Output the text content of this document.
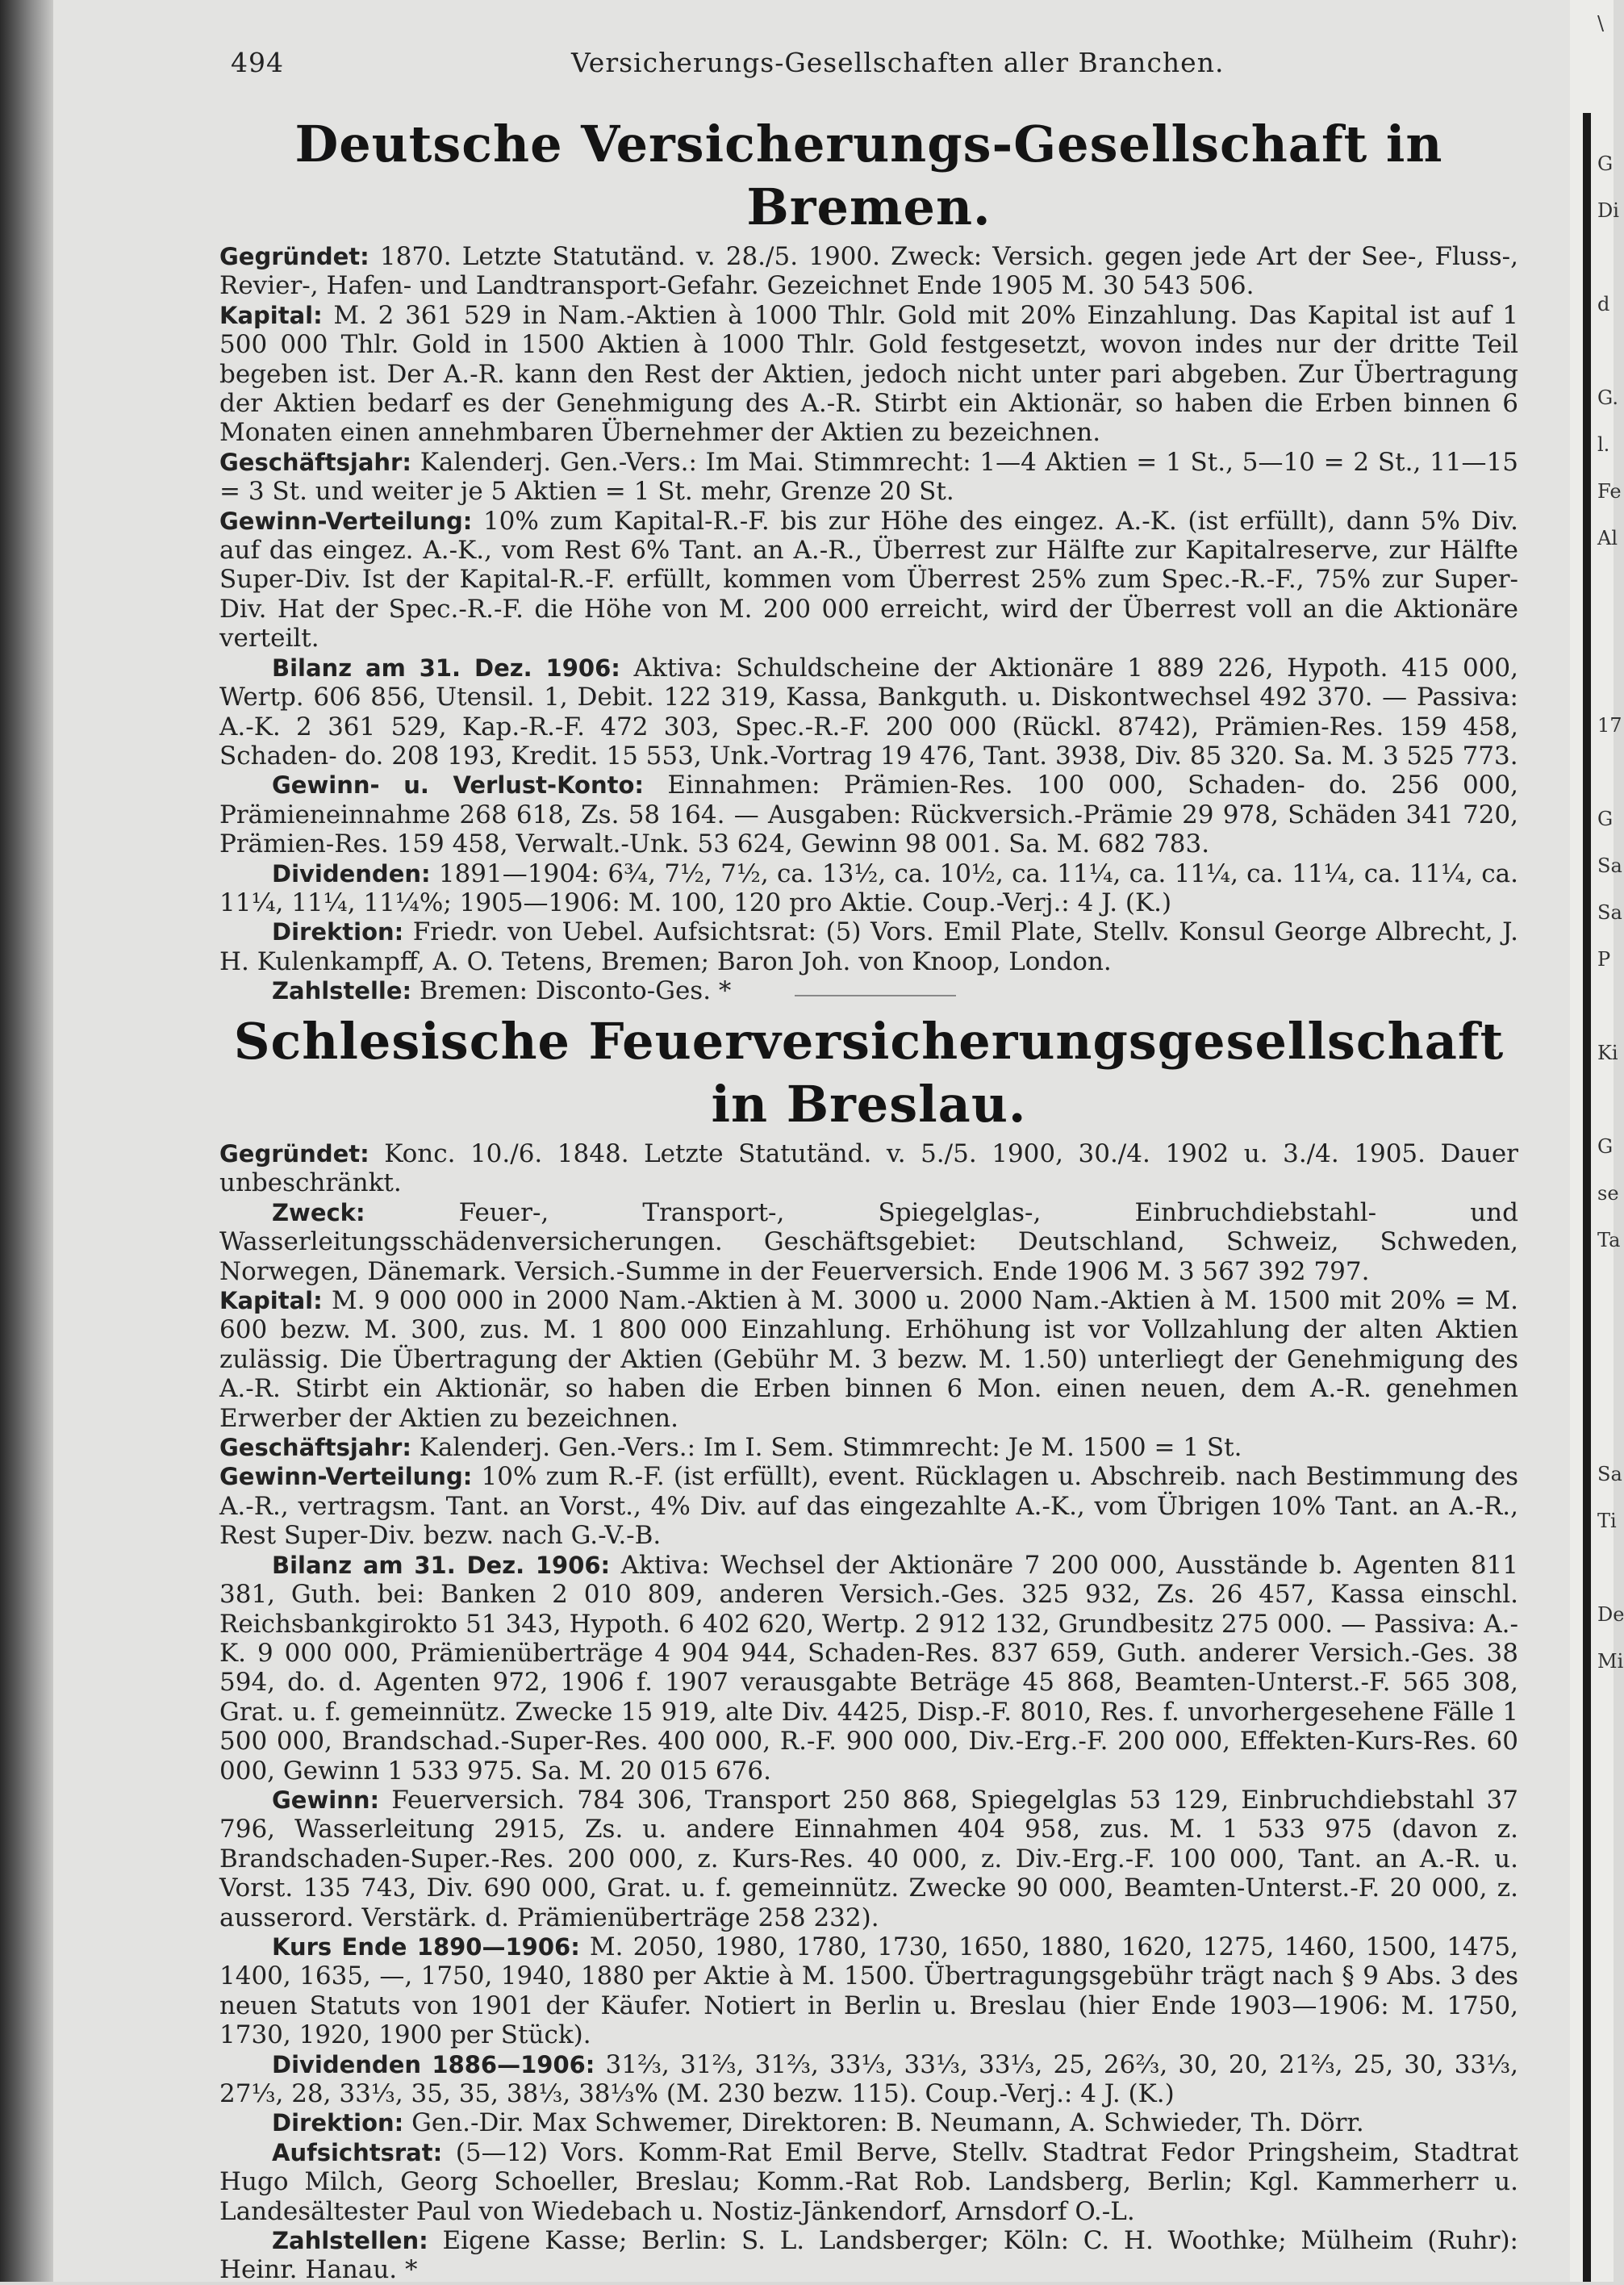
\

G
Di

d

G.
l.
Fe
Al

17

G
Sa
Sa
P

Ki

G
se
Ta

Sa
Ti

De
Mi

494	Versicherungs-Gesellschaften aller Branchen.
Deutsche Versicherungs-Gesellschaft in Bremen.

Gegründet: 1870. Letzte Statutänd. v. 28./5. 1900. Zweck: Versich. gegen jede Art der See-, Fluss-, Revier-, Hafen- und Landtransport-Gefahr. Gezeichnet Ende 1905 M. 30 543 506.

Kapital: M. 2 361 529 in Nam.-Aktien à 1000 Thlr. Gold mit 20% Einzahlung. Das Kapital ist auf 1 500 000 Thlr. Gold in 1500 Aktien à 1000 Thlr. Gold festgesetzt, wovon indes nur der dritte Teil begeben ist. Der A.-R. kann den Rest der Aktien, jedoch nicht unter pari abgeben. Zur Übertragung der Aktien bedarf es der Genehmigung des A.-R. Stirbt ein Aktionär, so haben die Erben binnen 6 Monaten einen annehmbaren Übernehmer der Aktien zu bezeichnen.

Geschäftsjahr: Kalenderj. Gen.-Vers.: Im Mai. Stimmrecht: 1—4 Aktien = 1 St., 5—10 = 2 St., 11—15 = 3 St. und weiter je 5 Aktien = 1 St. mehr, Grenze 20 St.

Gewinn-Verteilung: 10% zum Kapital-R.-F. bis zur Höhe des eingez. A.-K. (ist erfüllt), dann 5% Div. auf das eingez. A.-K., vom Rest 6% Tant. an A.-R., Überrest zur Hälfte zur Kapitalreserve, zur Hälfte Super-Div. Ist der Kapital-R.-F. erfüllt, kommen vom Überrest 25% zum Spec.-R.-F., 75% zur Super-Div. Hat der Spec.-R.-F. die Höhe von M. 200 000 erreicht, wird der Überrest voll an die Aktionäre verteilt.

Bilanz am 31. Dez. 1906: Aktiva: Schuldscheine der Aktionäre 1 889 226, Hypoth. 415 000, Wertp. 606 856, Utensil. 1, Debit. 122 319, Kassa, Bankguth. u. Diskontwechsel 492 370. — Passiva: A.-K. 2 361 529, Kap.-R.-F. 472 303, Spec.-R.-F. 200 000 (Rückl. 8742), Prämien-Res. 159 458, Schaden- do. 208 193, Kredit. 15 553, Unk.-Vortrag 19 476, Tant. 3938, Div. 85 320. Sa. M. 3 525 773.

Gewinn- u. Verlust-Konto: Einnahmen: Prämien-Res. 100 000, Schaden- do. 256 000, Prämieneinnahme 268 618, Zs. 58 164. — Ausgaben: Rückversich.-Prämie 29 978, Schäden 341 720, Prämien-Res. 159 458, Verwalt.-Unk. 53 624, Gewinn 98 001. Sa. M. 682 783.

Dividenden: 1891—1904: 6¾, 7½, 7½, ca. 13½, ca. 10½, ca. 11¼, ca. 11¼, ca. 11¼, ca. 11¼, ca. 11¼, 11¼, 11¼%; 1905—1906: M. 100, 120 pro Aktie. Coup.-Verj.: 4 J. (K.)

Direktion: Friedr. von Uebel. Aufsichtsrat: (5) Vors. Emil Plate, Stellv. Konsul George Albrecht, J. H. Kulenkampff, A. O. Tetens, Bremen; Baron Joh. von Knoop, London.

Zahlstelle: Bremen: Disconto-Ges. *

Schlesische Feuerversicherungsgesellschaft in Breslau.

Gegründet: Konc. 10./6. 1848. Letzte Statutänd. v. 5./5. 1900, 30./4. 1902 u. 3./4. 1905. Dauer unbeschränkt.

Zweck: Feuer-, Transport-, Spiegelglas-, Einbruchdiebstahl- und Wasserleitungsschädenversicherungen. Geschäftsgebiet: Deutschland, Schweiz, Schweden, Norwegen, Dänemark. Versich.-Summe in der Feuerversich. Ende 1906 M. 3 567 392 797.

Kapital: M. 9 000 000 in 2000 Nam.-Aktien à M. 3000 u. 2000 Nam.-Aktien à M. 1500 mit 20% = M. 600 bezw. M. 300, zus. M. 1 800 000 Einzahlung. Erhöhung ist vor Vollzahlung der alten Aktien zulässig. Die Übertragung der Aktien (Gebühr M. 3 bezw. M. 1.50) unterliegt der Genehmigung des A.-R. Stirbt ein Aktionär, so haben die Erben binnen 6 Mon. einen neuen, dem A.-R. genehmen Erwerber der Aktien zu bezeichnen.

Geschäftsjahr: Kalenderj. Gen.-Vers.: Im I. Sem. Stimmrecht: Je M. 1500 = 1 St.

Gewinn-Verteilung: 10% zum R.-F. (ist erfüllt), event. Rücklagen u. Abschreib. nach Bestimmung des A.-R., vertragsm. Tant. an Vorst., 4% Div. auf das eingezahlte A.-K., vom Übrigen 10% Tant. an A.-R., Rest Super-Div. bezw. nach G.-V.-B.

Bilanz am 31. Dez. 1906: Aktiva: Wechsel der Aktionäre 7 200 000, Ausstände b. Agenten 811 381, Guth. bei: Banken 2 010 809, anderen Versich.-Ges. 325 932, Zs. 26 457, Kassa einschl. Reichsbankgirokto 51 343, Hypoth. 6 402 620, Wertp. 2 912 132, Grundbesitz 275 000. — Passiva: A.-K. 9 000 000, Prämienüberträge 4 904 944, Schaden-Res. 837 659, Guth. anderer Versich.-Ges. 38 594, do. d. Agenten 972, 1906 f. 1907 verausgabte Beträge 45 868, Beamten-Unterst.-F. 565 308, Grat. u. f. gemeinnütz. Zwecke 15 919, alte Div. 4425, Disp.-F. 8010, Res. f. unvorhergesehene Fälle 1 500 000, Brandschad.-Super-Res. 400 000, R.-F. 900 000, Div.-Erg.-F. 200 000, Effekten-Kurs-Res. 60 000, Gewinn 1 533 975. Sa. M. 20 015 676.

Gewinn: Feuerversich. 784 306, Transport 250 868, Spiegelglas 53 129, Einbruchdiebstahl 37 796, Wasserleitung 2915, Zs. u. andere Einnahmen 404 958, zus. M. 1 533 975 (davon z. Brandschaden-Super.-Res. 200 000, z. Kurs-Res. 40 000, z. Div.-Erg.-F. 100 000, Tant. an A.-R. u. Vorst. 135 743, Div. 690 000, Grat. u. f. gemeinnütz. Zwecke 90 000, Beamten-Unterst.-F. 20 000, z. ausserord. Verstärk. d. Prämienüberträge 258 232).

Kurs Ende 1890—1906: M. 2050, 1980, 1780, 1730, 1650, 1880, 1620, 1275, 1460, 1500, 1475, 1400, 1635, —, 1750, 1940, 1880 per Aktie à M. 1500. Übertragungsgebühr trägt nach § 9 Abs. 3 des neuen Statuts von 1901 der Käufer. Notiert in Berlin u. Breslau (hier Ende 1903—1906: M. 1750, 1730, 1920, 1900 per Stück).

Dividenden 1886—1906: 31⅔, 31⅔, 31⅔, 33⅓, 33⅓, 33⅓, 25, 26⅔, 30, 20, 21⅔, 25, 30, 33⅓, 27⅓, 28, 33⅓, 35, 35, 38⅓, 38⅓% (M. 230 bezw. 115). Coup.-Verj.: 4 J. (K.)

Direktion: Gen.-Dir. Max Schwemer, Direktoren: B. Neumann, A. Schwieder, Th. Dörr.

Aufsichtsrat: (5—12) Vors. Komm-Rat Emil Berve, Stellv. Stadtrat Fedor Pringsheim, Stadtrat Hugo Milch, Georg Schoeller, Breslau; Komm.-Rat Rob. Landsberg, Berlin; Kgl. Kammerherr u. Landesältester Paul von Wiedebach u. Nostiz-Jänkendorf, Arnsdorf O.-L.

Zahlstellen: Eigene Kasse; Berlin: S. L. Landsberger; Köln: C. H. Woothke; Mülheim (Ruhr): Heinr. Hanau. *
